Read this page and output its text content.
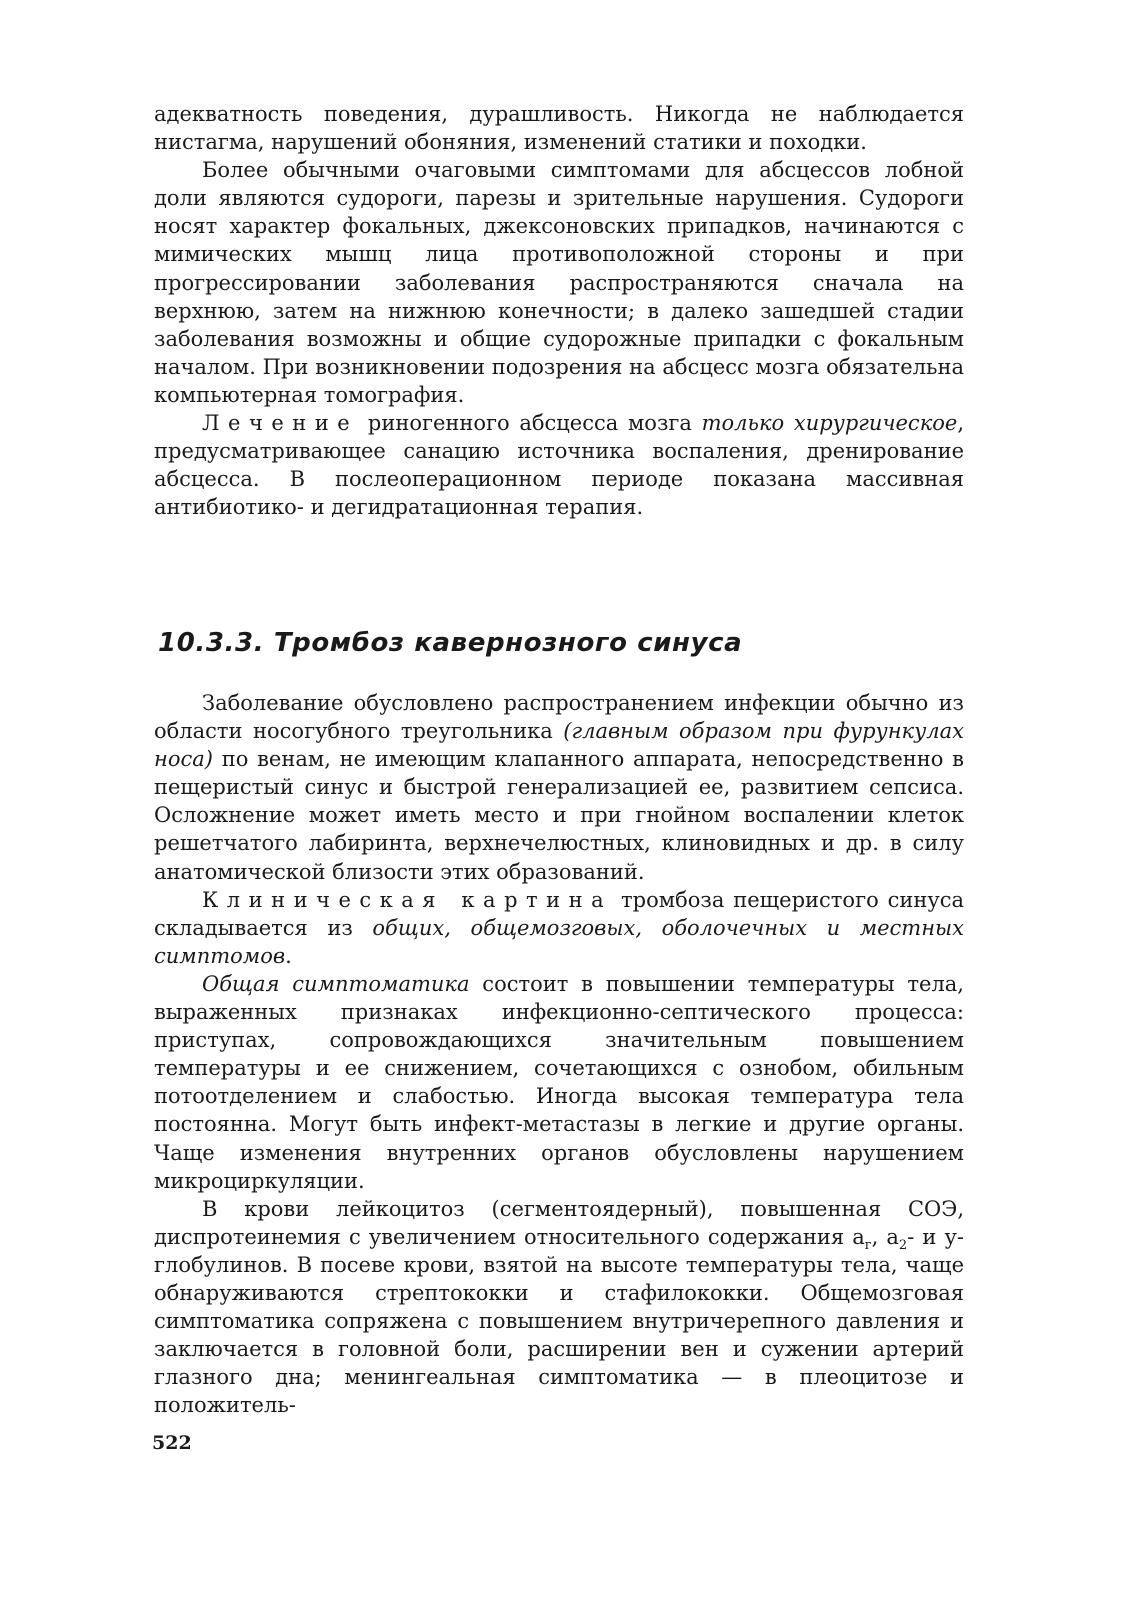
адекватность поведения, дурашливость. Никогда не наблюдается нистагма, нарушений обоняния, изменений статики и походки.

Более обычными очаговыми симптомами для абсцессов лобной доли являются судороги, парезы и зрительные нарушения. Судороги носят характер фокальных, джексоновских припадков, начинаются с мимических мышц лица противоположной стороны и при прогрессировании заболевания распространяются сначала на верхнюю, затем на нижнюю конечности; в далеко зашедшей стадии заболевания возможны и общие судорожные припадки с фокальным началом. При возникновении подозрения на абсцесс мозга обязательна компьютерная томография.

Лечение риногенного абсцесса мозга только хирургическое, предусматривающее санацию источника воспаления, дренирование абсцесса. В послеоперационном периоде показана массивная антибиотико- и дегидратационная терапия.

10.3.3. Тромбоз кавернозного синуса

Заболевание обусловлено распространением инфекции обычно из области носогубного треугольника (главным образом при фурункулах носа) по венам, не имеющим клапанного аппарата, непосредственно в пещеристый синус и быстрой генерализацией ее, развитием сепсиса. Осложнение может иметь место и при гнойном воспалении клеток решетчатого лабиринта, верхнечелюстных, клиновидных и др. в силу анатомической близости этих образований.

Клиническая картина тромбоза пещеристого синуса складывается из общих, общемозговых, оболочечных и местных симптомов.

Общая симптоматика состоит в повышении температуры тела, выраженных признаках инфекционно-септического процесса: приступах, сопровождающихся значительным повышением температуры и ее снижением, сочетающихся с ознобом, обильным потоотделением и слабостью. Иногда высокая температура тела постоянна. Могут быть инфект-метастазы в легкие и другие органы. Чаще изменения внутренних органов обусловлены нарушением микроциркуляции.

В крови лейкоцитоз (сегментоядерный), повышенная СОЭ, диспротеинемия с увеличением относительного содержания $а_г$, $а_2-$ и у-глобулинов. В посеве крови, взятой на высоте температуры тела, чаще обнаруживаются стрептококки и стафилококки. Общемозговая симптоматика сопряжена с повышением внутричерепного давления и заключается в головной боли, расширении вен и сужении артерий глазного дна; менингеальная симптоматика — в плеоцитозе и положитель-

522
